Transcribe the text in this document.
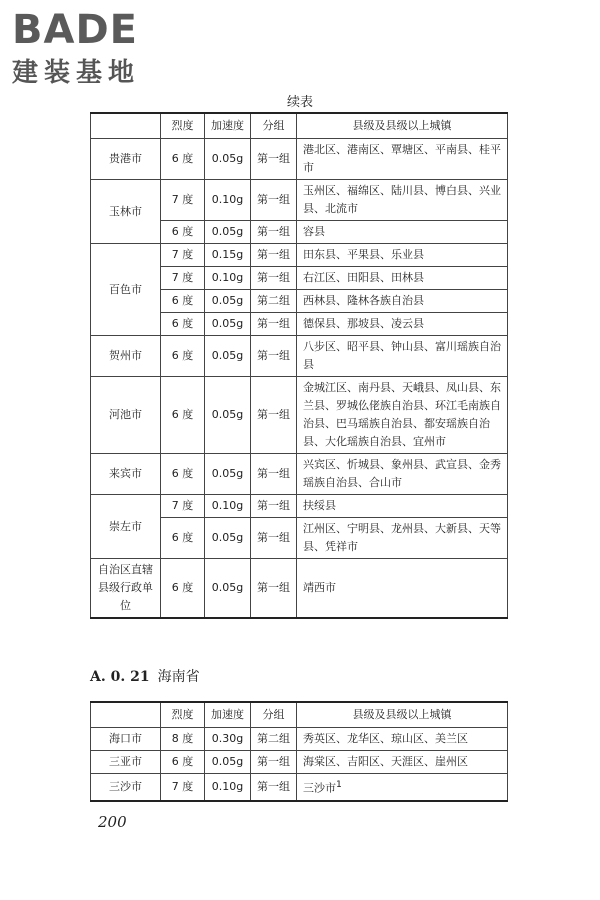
BADE
建装基地
续表
	烈度	加速度	分组	县级及县级以上城镇
贵港市	6 度	0.05g	第一组	港北区、港南区、覃塘区、平南县、桂平市
玉林市	7 度	0.10g	第一组	玉州区、福绵区、陆川县、博白县、兴业县、北流市
	6 度	0.05g	第一组	容县
百色市	7 度	0.15g	第一组	田东县、平果县、乐业县
	7 度	0.10g	第一组	右江区、田阳县、田林县
	6 度	0.05g	第二组	西林县、隆林各族自治县
	6 度	0.05g	第一组	德保县、那坡县、凌云县
贺州市	6 度	0.05g	第一组	八步区、昭平县、钟山县、富川瑶族自治县
河池市	6 度	0.05g	第一组	金城江区、南丹县、天峨县、凤山县、东兰县、罗城仫佬族自治县、环江毛南族自治县、巴马瑶族自治县、都安瑶族自治县、大化瑶族自治县、宜州市
来宾市	6 度	0.05g	第一组	兴宾区、忻城县、象州县、武宣县、金秀瑶族自治县、合山市
崇左市	7 度	0.10g	第一组	扶绥县
	6 度	0.05g	第一组	江州区、宁明县、龙州县、大新县、天等县、凭祥市
自治区直辖县级行政单位	6 度	0.05g	第一组	靖西市
A. 0. 21 海南省
	烈度	加速度	分组	县级及县级以上城镇
海口市	8 度	0.30g	第二组	秀英区、龙华区、琼山区、美兰区
三亚市	6 度	0.05g	第一组	海棠区、吉阳区、天涯区、崖州区
三沙市	7 度	0.10g	第一组	三沙市$^1$
200
